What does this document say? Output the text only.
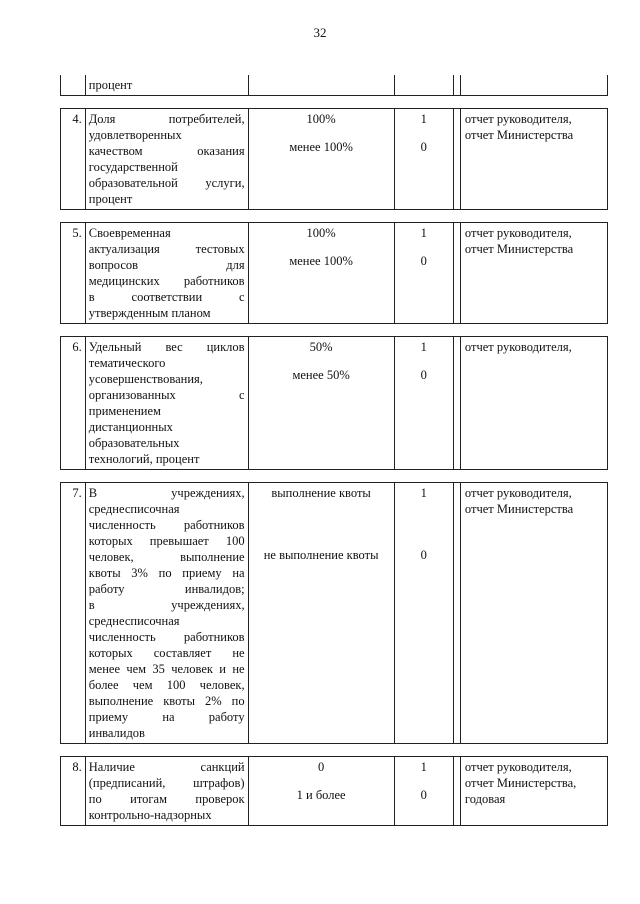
32
процент
4. Доля потребителей,
удовлетворенных
качеством оказания
государственной
образовательной услуги,
процент
100%
менее 100%
1
0
отчет руководителя,
отчет Министерства
5. Своевременная
актуализация тестовых
вопросов для
медицинских работников
в соответствии с
утвержденным планом
100%
менее 100%
1
0
отчет руководителя,
отчет Министерства
6. Удельный вес циклов
тематического
усовершенствования,
организованных с
применением
дистанционных
образовательных
технологий, процент
50%
менее 50%
1
0
отчет руководителя,
7. В учреждениях,
среднесписочная
численность работников
которых превышает 100
человек, выполнение
квоты 3% по приему на
работу инвалидов;
в учреждениях,
среднесписочная
численность работников
которых составляет не
менее чем 35 человек и не
более чем 100 человек,
выполнение квоты 2% по
приему на работу
инвалидов
выполнение квоты
не выполнение квоты
1
0
отчет руководителя,
отчет Министерства
8. Наличие санкций
(предписаний, штрафов)
по итогам проверок
контрольно-надзорных
0
1 и более
1
0
отчет руководителя,
отчет Министерства,
годовая
